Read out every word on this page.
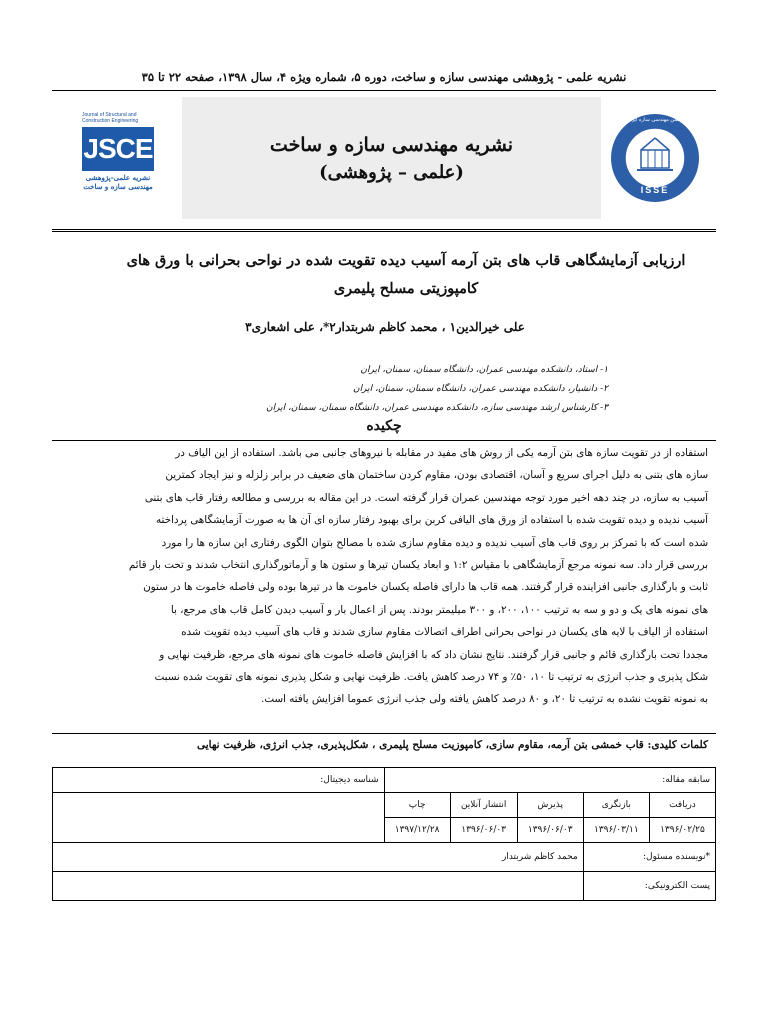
نشریه علمی - پژوهشی مهندسی سازه و ساخت، دوره ۵، شماره ویژه ۴، سال ۱۳۹۸، صفحه ۲۲ تا ۳۵
Journal of Structural and Construction Engineering
JSCE
نشریه علمی-پژوهشی
مهندسی سازه و ساخت
نشریه مهندسی سازه و ساخت
(علمی – پژوهشی)
ISSE
انجمن مهندسی سازه ایران
ارزیابی آزمایشگاهی قاب های بتن آرمه آسیب دیده تقویت شده در نواحی بحرانی با ورق های
کامپوزیتی مسلح پلیمری
علی خیرالدین۱ ، محمد کاظم شربتدار۲*، علی اشعاری۳
۱- استاد، دانشکده مهندسی عمران، دانشگاه سمنان، سمنان، ایران
۲- دانشیار، دانشکده مهندسی عمران، دانشگاه سمنان، سمنان، ایران
۳- کارشناس ارشد مهندسی سازه، دانشکده مهندسی عمران، دانشگاه سمنان، سمنان، ایران
چکیده
استفاده از در تقویت سازه های بتن آرمه یکی از روش های مفید در مقابله با نیروهای جانبی می باشد. استفاده از این الیاف در
سازه های بتنی به دلیل اجرای سریع و آسان، اقتصادی بودن، مقاوم کردن ساختمان های ضعیف در برابر زلزله و نیز ایجاد کمترین
آسیب به سازه، در چند دهه اخیر مورد توجه مهندسین عمران قرار گرفته است. در این مقاله به بررسی و مطالعه رفتار قاب های بتنی
آسیب ندیده و دیده تقویت شده با استفاده از ورق های الیافی کربن برای بهبود رفتار سازه ای آن ها به صورت آزمایشگاهی پرداخته
شده است که با تمرکز بر روی قاب های آسیب ندیده و دیده مقاوم سازی شده با مصالح بتوان الگوی رفتاری این سازه ها را مورد
بررسی قرار داد. سه نمونه مرجع آزمایشگاهی با مقیاس ۱:۲ و ابعاد یکسان تیرها و ستون ها و آرماتورگذاری انتخاب شدند و تحت بار قائم
ثابت و بارگذاری جانبی افزاینده قرار گرفتند. همه قاب ها دارای فاصله یکسان خاموت ها در تیرها بوده ولی فاصله خاموت ها در ستون
های نمونه های یک و دو و سه به ترتیب ۱۰۰، ۲۰۰، و ۳۰۰ میلیمتر بودند. پس از اعمال بار و آسیب دیدن کامل قاب های مرجع، با
استفاده از الیاف با لایه های یکسان در نواحی بحرانی اطراف اتصالات مقاوم سازی شدند و قاب های آسیب دیده تقویت شده
مجددا تحت بارگذاری قائم و جانبی قرار گرفتند. نتایج نشان داد که با افزایش فاصله خاموت های نمونه های مرجع، ظرفیت نهایی و
شکل پذیری و جذب انرژی به ترتیب تا ۱۰، ۵۰٪ و ۷۴ درصد کاهش یافت. ظرفیت نهایی و شکل پذیری نمونه های تقویت شده نسبت
به نمونه تقویت نشده به ترتیب تا ۲۰، و ۸۰ درصد کاهش یافته ولی جذب انرژی عموما افزایش یافته است.
کلمات کلیدی: قاب خمشی بتن آرمه، مقاوم سازی، کامپوزیت مسلح پلیمری ، شکل‌پذیری، جذب انرژی، ظرفیت نهایی
سابقه مقاله:					شناسه دیجیتال:
دریافت	بازنگری	پذیرش	انتشار آنلاین	چاپ	
۱۳۹۶/۰۲/۲۵	۱۳۹۶/۰۳/۱۱	۱۳۹۶/۰۶/۰۳	۱۳۹۶/۰۶/۰۳	۱۳۹۷/۱۲/۲۸	
*نویسنده مسئول:		محمد کاظم شربتدار			
پست الکترونیکی:					
